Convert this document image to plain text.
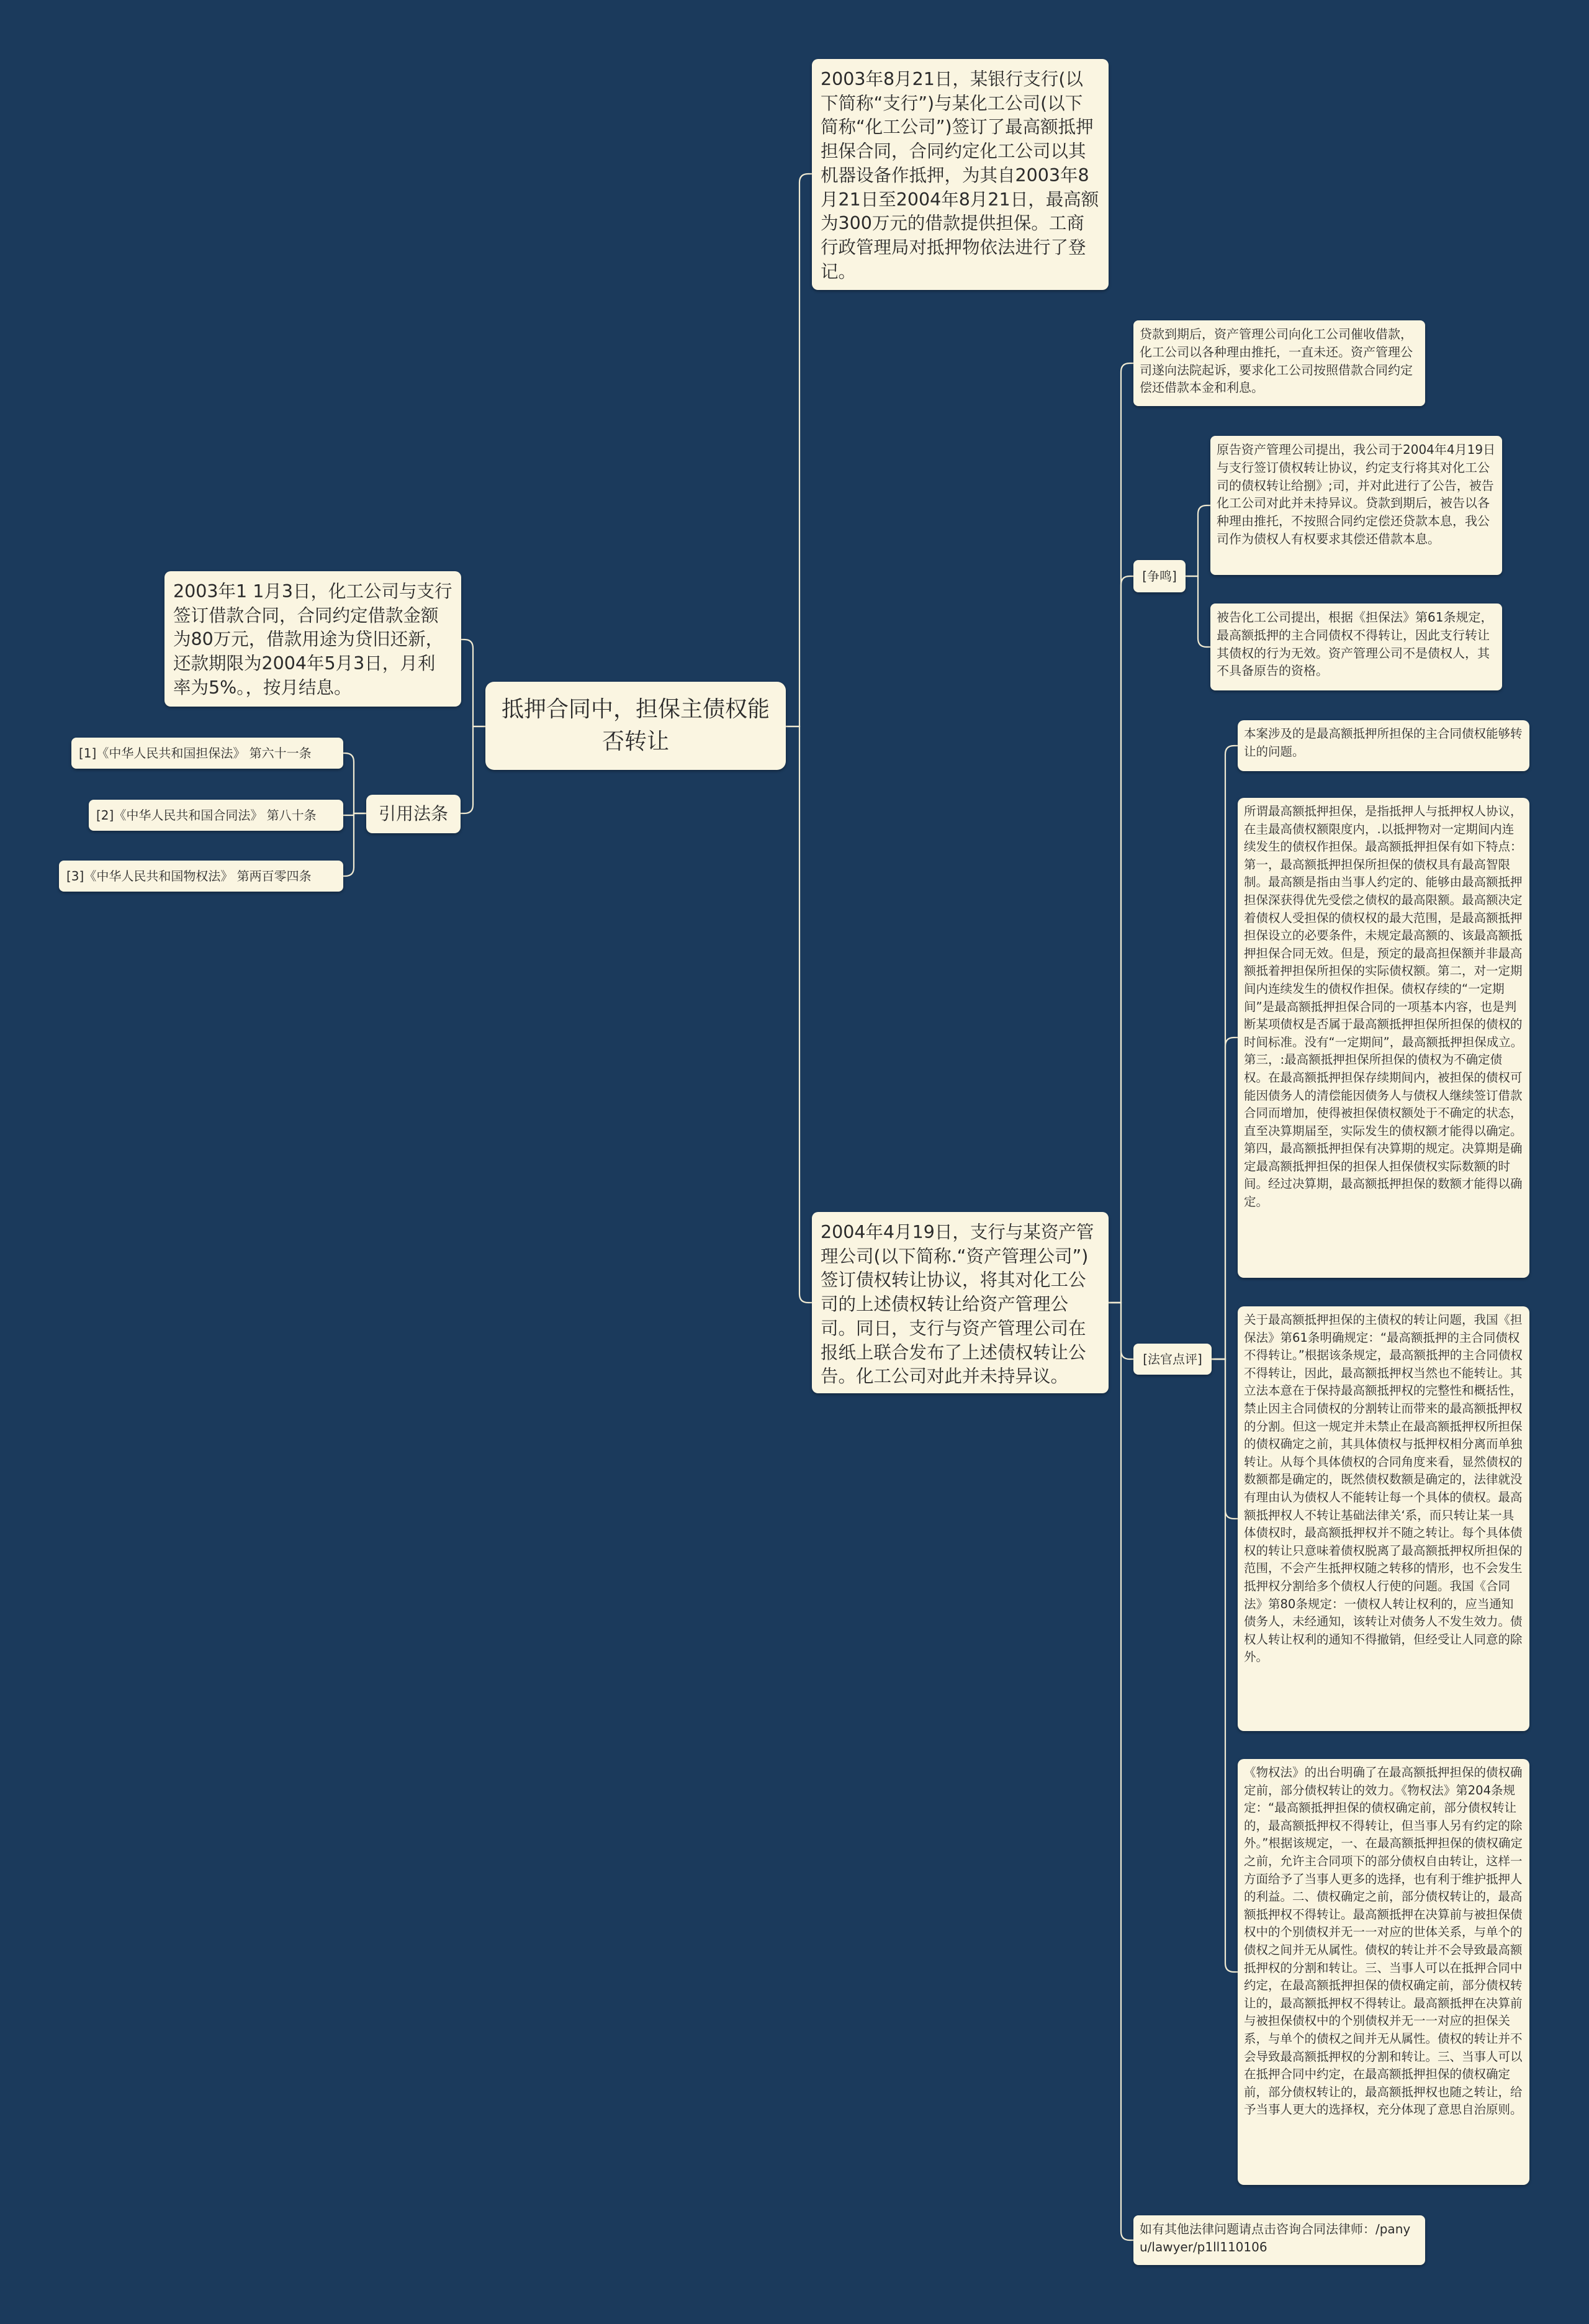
抵押合同中，担保主债权能否转让
2003年8月21日，某银行支行(以下简称“支行”)与某化工公司(以下简称“化工公司”)签订了最高额抵押担保合同，合同约定化工公司以其机器设备作抵押，为其自2003年8月21日至2004年8月21日，最高额为300万元的借款提供担保。工商行政管理局对抵押物依法进行了登记。
2004年4月19日，支行与某资产管理公司(以下简称.“资产管理公司”)签订债权转让协议，将其对化工公司的上述债权转让给资产管理公司。同日，支行与资产管理公司在报纸上联合发布了上述债权转让公告。化工公司对此并未持异议。
2003年1 1月3日，化工公司与支行签订借款合同，合同约定借款金额为80万元，借款用途为贷旧还新，还款期限为2004年5月3日，月利率为5%。，按月结息。
引用法条
[1]《中华人民共和国担保法》 第六十一条
[2]《中华人民共和国合同法》 第八十条
[3]《中华人民共和国物权法》 第两百零四条
贷款到期后，资产管理公司向化工公司催收借款，化工公司以各种理由推托，一直未还。资产管理公司遂向法院起诉，要求化工公司按照借款合同约定偿还借款本金和利息。
[争鸣]
原告资产管理公司提出，我公司于2004年4月19日与支行签订债权转让协议，约定支行将其对化工公司的债权转让给捌》;司，并对此进行了公告，被告化工公司对此并未持异议。贷款到期后，被告以各种理由推托，不按照合同约定偿还贷款本息，我公司作为债权人有权要求其偿还借款本息。
被告化工公司提出，根据《担保法》第61条规定，最高额抵押的主合同债权不得转让，因此支行转让其债权的行为无效。资产管理公司不是债权人，其不具备原告的资格。
[法官点评]
本案涉及的是最高额抵押所担保的主合同债权能够转让的问题。
所谓最高额抵押担保，是指抵押人与抵押权人协议，在圭最高债权额限度内，.以抵押物对一定期间内连续发生的债权作担保。最高额抵押担保有如下特点：第一，最高额抵押担保所担保的债权具有最高智限制。最高额是指由当事人约定的、能够由最高额抵押担保深获得优先受偿之债权的最高限额。最高额决定着债权人受担保的债权权的最大范围，是最高额抵押担保设立的必要条件，未规定最高额的、该最高额抵押担保合同无效。但是，预定的最高担保额并非最高额抵着押担保所担保的实际债权额。第二，对一定期间内连续发生的债权作担保。债权存续的“一定期间”是最高额抵押担保合同的一项基本内容，也是判断某项债权是否属于最高额抵押担保所担保的债权的时间标准。没有“一定期间”，最高额抵押担保成立。第三，:最高额抵押担保所担保的债权为不确定债权。在最高额抵押担保存续期间内，被担保的债权可能因债务人的清偿能因债务人与债权人继续签订借款合同而增加，使得被担保债权额处于不确定的状态，直至决算期届至，实际发生的债权额才能得以确定。第四，最高额抵押担保有决算期的规定。决算期是确定最高额抵押担保的担保人担保债权实际数额的时间。经过决算期，最高额抵押担保的数额才能得以确定。
关于最高额抵押担保的主债权的转让问题，我国《担保法》第61条明确规定：“最高额抵押的主合同债权不得转让。”根据该条规定，最高额抵押的主合同债权不得转让，因此，最高额抵押权当然也不能转让。其立法本意在于保持最高额抵押权的完整性和概括性，禁止因主合同债权的分割转让而带来的最高额抵押权的分割。但这一规定并未禁止在最高额抵押权所担保的债权确定之前，其具体债权与抵押权相分离而单独转让。从每个具体债权的合同角度来看，显然债权的数额都是确定的，既然债权数额是确定的，法律就没有理由认为债权人不能转让每一个具体的债权。最高额抵押权人不转让基础法律关‘系，而只转让某一具体债权时，最高额抵押权并不随之转让。每个具体债权的转让只意味着债权脱离了最高额抵押权所担保的范围，不会产生抵押权随之转移的情形，也不会发生抵押权分割给多个债权人行使的问题。我国《合同法》第80条规定：一债权人转让权利的，应当通知债务人，未经通知，该转让对债务人不发生效力。债权人转让权利的通知不得撤销，但经受让人同意的除外。
《物权法》的出台明确了在最高额抵押担保的债权确定前，部分债权转让的效力。《物权法》第204条规定：“最高额抵押担保的债权确定前，部分债权转让的，最高额抵押权不得转让，但当事人另有约定的除外。”根据该规定，一、在最高额抵押担保的债权确定之前，允许主合同项下的部分债权自由转让，这样一方面给予了当事人更多的选择，也有利于维护抵押人的利益。二、债权确定之前，部分债权转让的，最高额抵押权不得转让。最高额抵押在决算前与被担保债权中的个别债权并无一一对应的世体关系，与单个的债权之间并无从属性。债权的转让并不会导致最高额抵押权的分割和转让。三、当事人可以在抵押合同中约定，在最高额抵押担保的债权确定前，部分债权转让的，最高额抵押权不得转让。最高额抵押在决算前与被担保债权中的个别债权并无一一对应的担保关系，与单个的债权之间并无从属性。债权的转让并不会导致最高额抵押权的分割和转让。三、当事人可以在抵押合同中约定，在最高额抵押担保的债权确定前，部分债权转让的，最高额抵押权也随之转让，给予当事人更大的选择权，充分体现了意思自治原则。
如有其他法律问题请点击咨询合同法律师：/panyu/lawyer/p1ll110106
